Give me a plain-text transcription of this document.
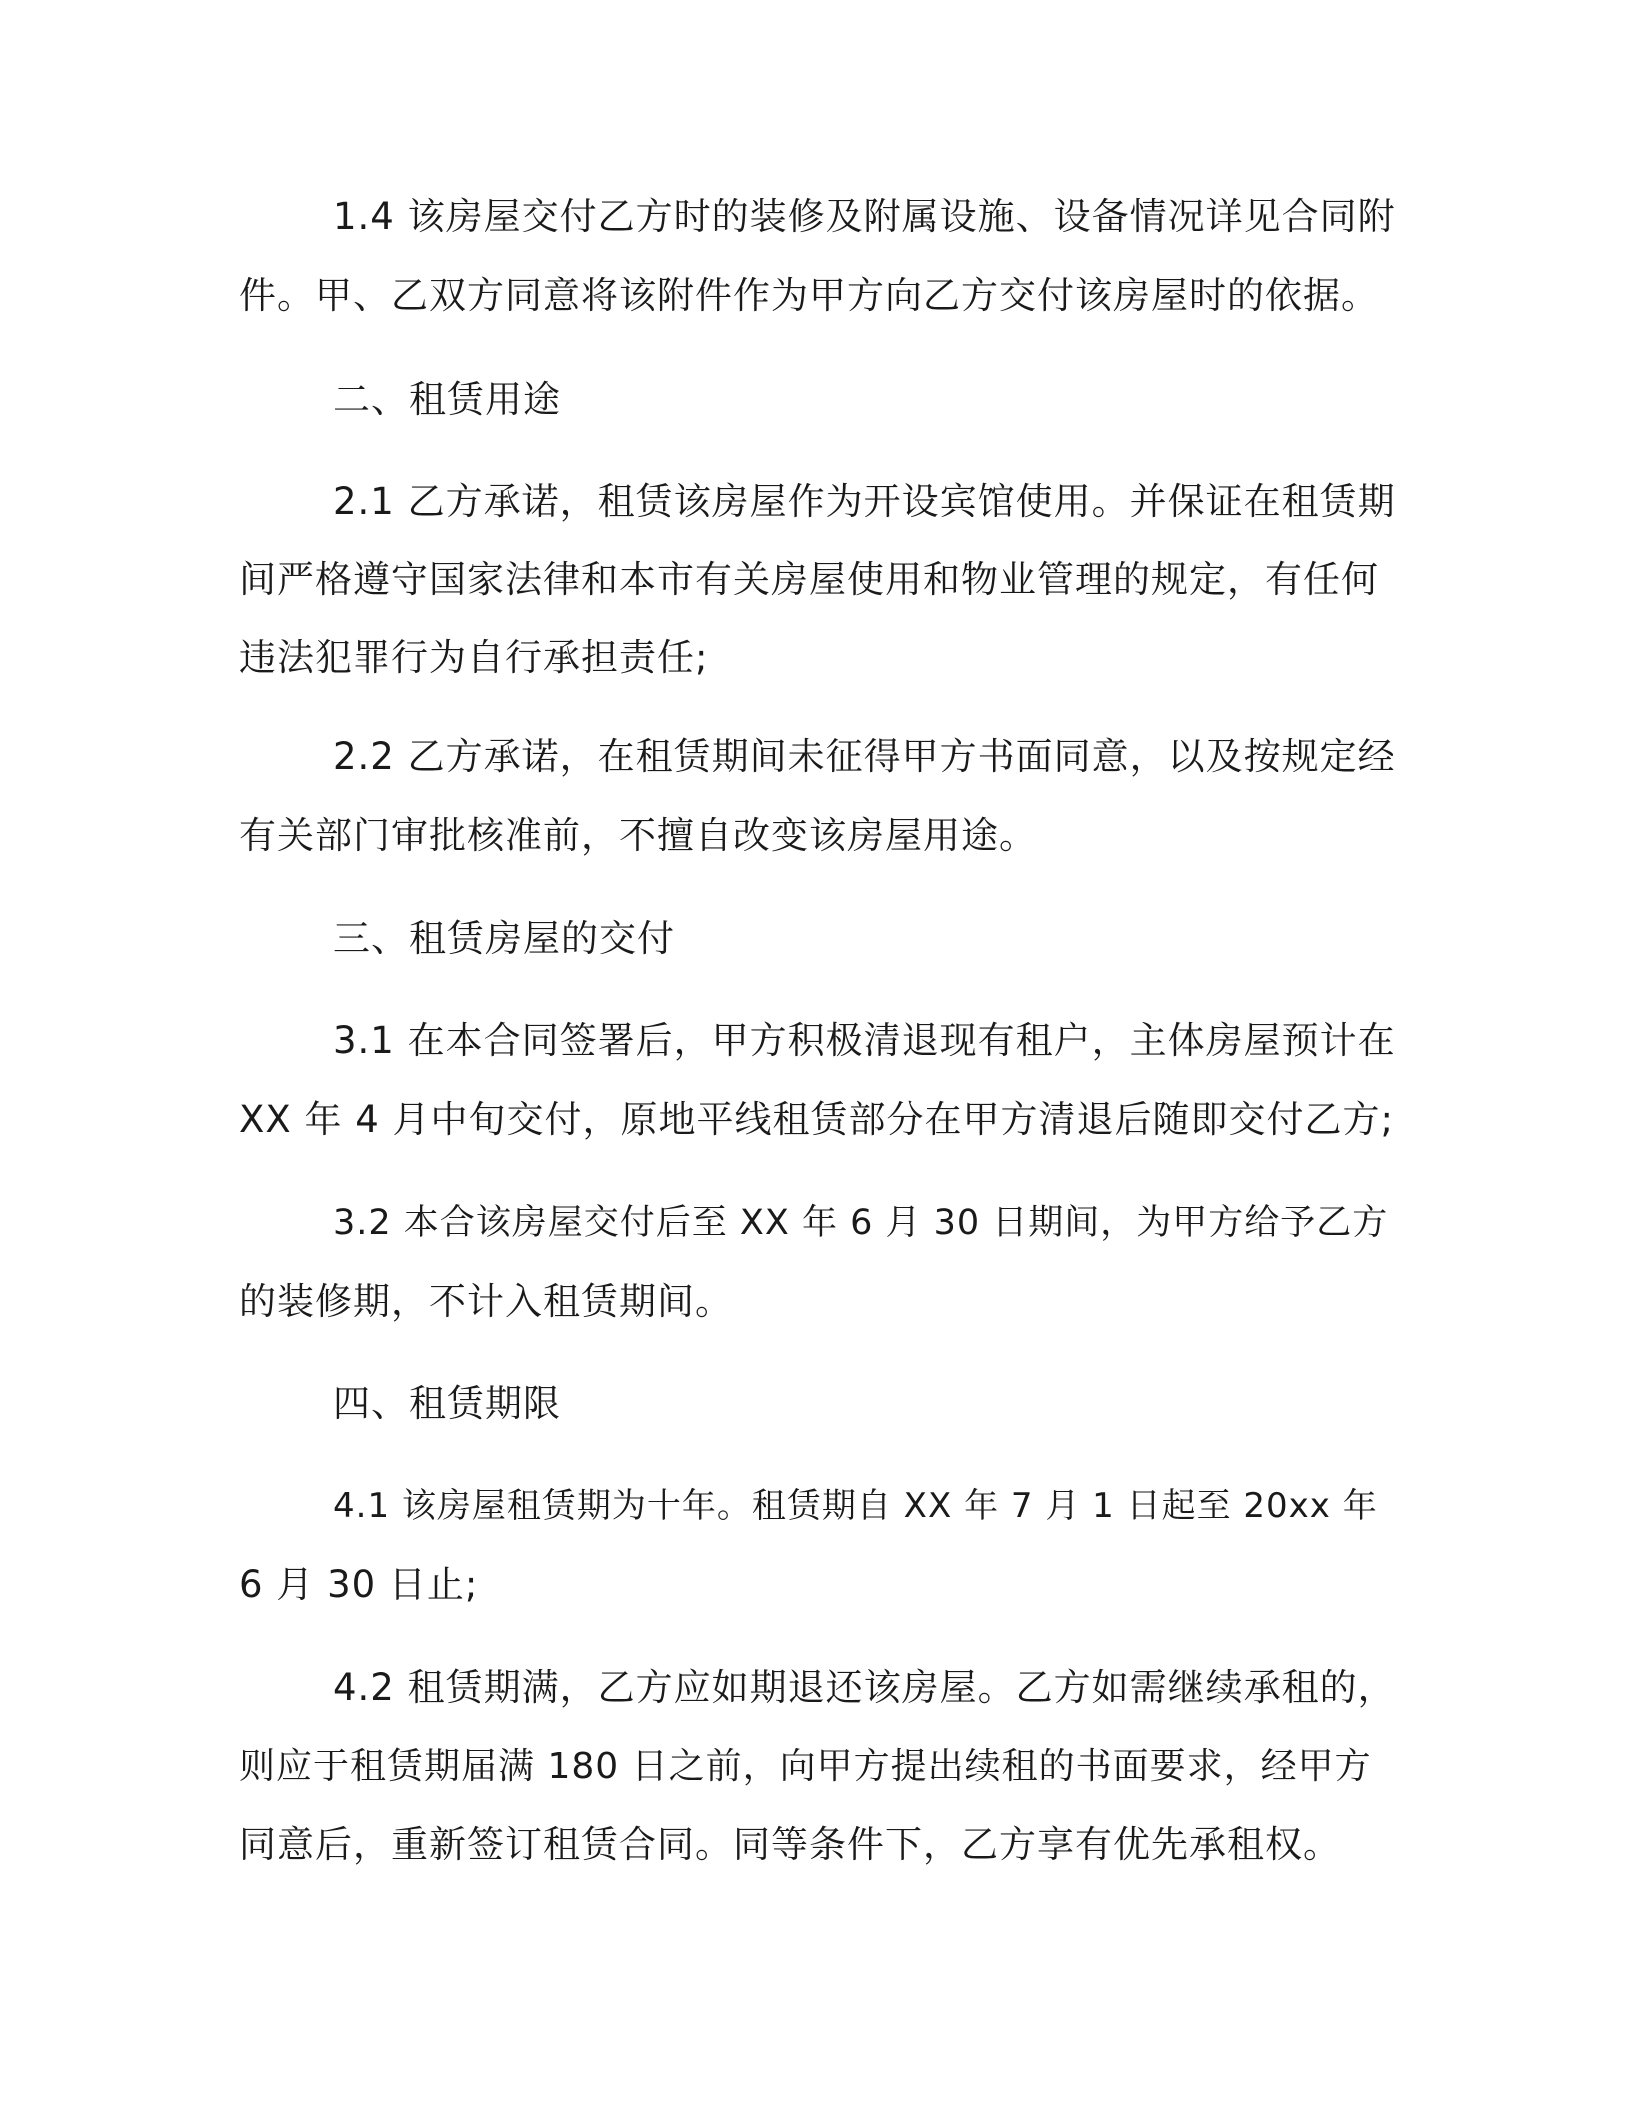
1.4 该房屋交付乙方时的装修及附属设施、设备情况详见合同附

件。甲、乙双方同意将该附件作为甲方向乙方交付该房屋时的依据。

二、租赁用途

2.1 乙方承诺，租赁该房屋作为开设宾馆使用。并保证在租赁期

间严格遵守国家法律和本市有关房屋使用和物业管理的规定，有任何

违法犯罪行为自行承担责任;

2.2 乙方承诺，在租赁期间未征得甲方书面同意，以及按规定经

有关部门审批核准前，不擅自改变该房屋用途。

三、租赁房屋的交付

3.1 在本合同签署后，甲方积极清退现有租户，主体房屋预计在

XX 年 4 月中旬交付，原地平线租赁部分在甲方清退后随即交付乙方;

3.2 本合该房屋交付后至 XX 年 6 月 30 日期间，为甲方给予乙方

的装修期，不计入租赁期间。

四、租赁期限

4.1 该房屋租赁期为十年。租赁期自 XX 年 7 月 1 日起至 20xx 年

6 月 30 日止;

4.2 租赁期满，乙方应如期退还该房屋。乙方如需继续承租的，

则应于租赁期届满 180 日之前，向甲方提出续租的书面要求，经甲方

同意后，重新签订租赁合同。同等条件下，乙方享有优先承租权。
